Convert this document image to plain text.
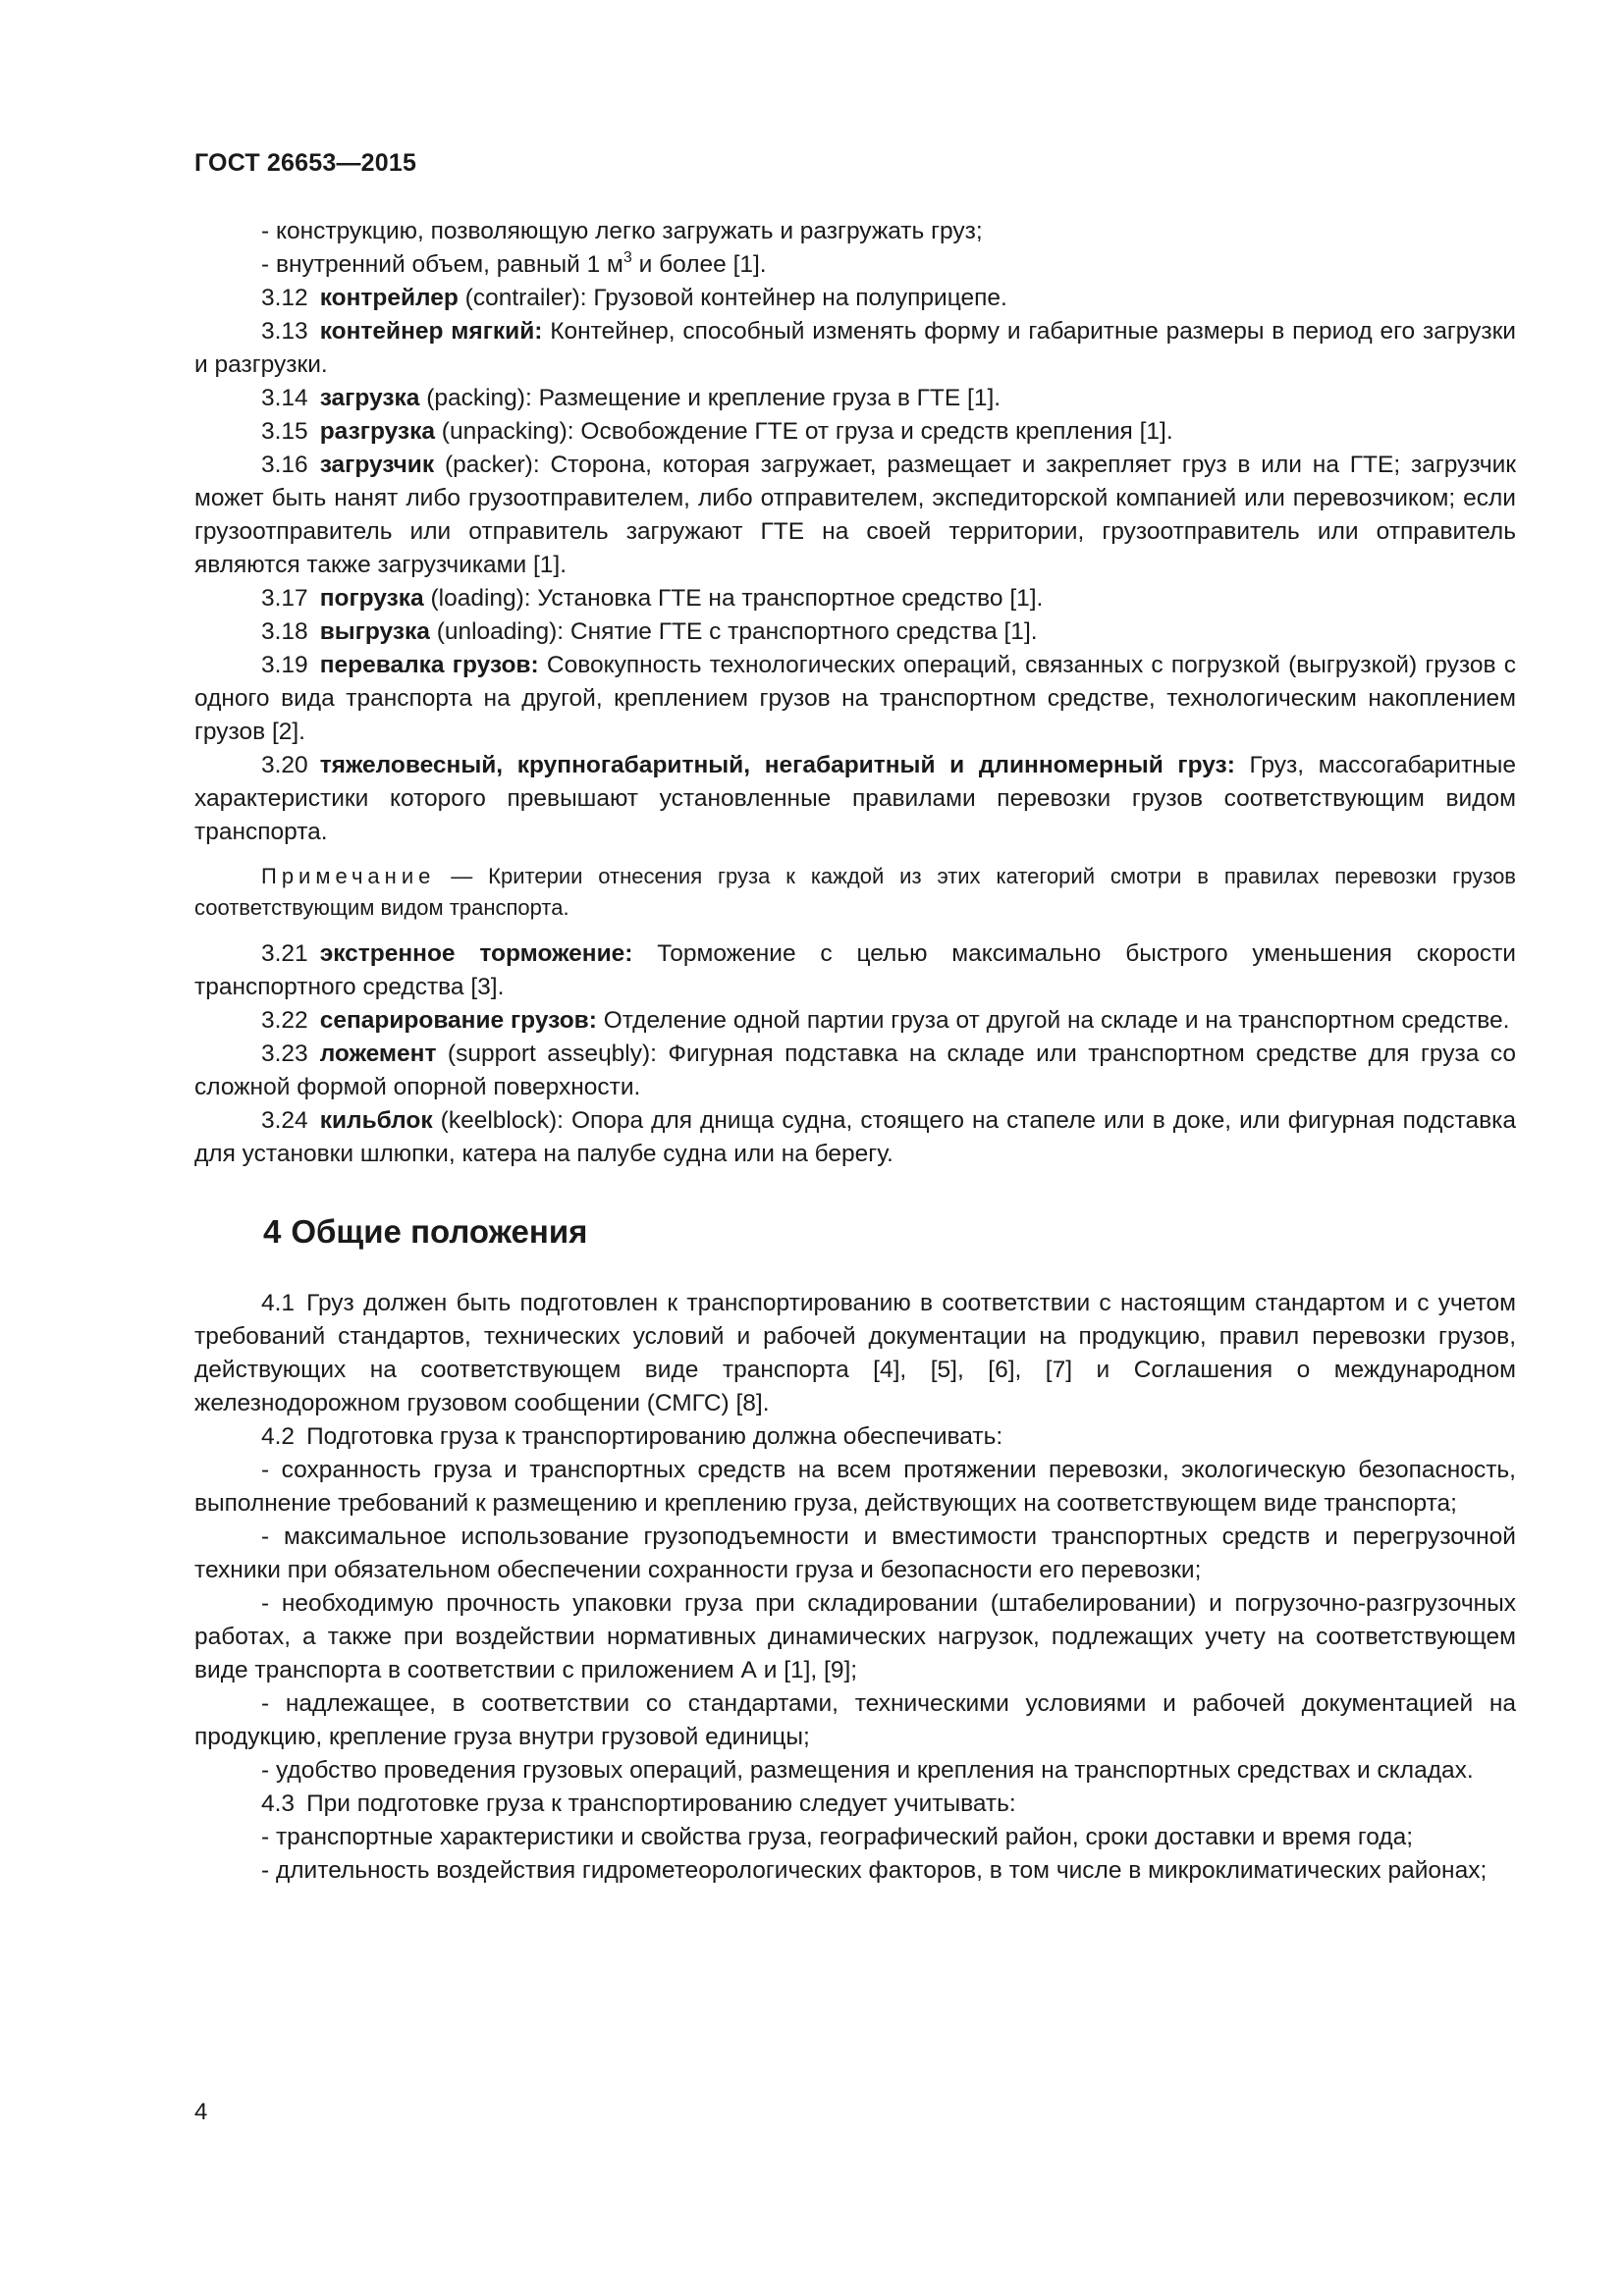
ГОСТ 26653—2015

- конструкцию, позволяющую легко загружать и разгружать груз;

- внутренний объем, равный 1 $м^3$ и более [1].

3.12 контрейлер (contrailer): Грузовой контейнер на полуприцепе.

3.13 контейнер мягкий: Контейнер, способный изменять форму и габаритные размеры в период его загрузки и разгрузки.

3.14 загрузка (packing): Размещение и крепление груза в ГТЕ [1].

3.15 разгрузка (unpacking): Освобождение ГТЕ от груза и средств крепления [1].

3.16 загрузчик (packer): Сторона, которая загружает, размещает и закрепляет груз в или на ГТЕ; загрузчик может быть нанят либо грузоотправителем, либо отправителем, экспедиторской компанией или перевозчиком; если грузоотправитель или отправитель загружают ГТЕ на своей территории, грузоотправитель или отправитель являются также загрузчиками [1].

3.17 погрузка (loading): Установка ГТЕ на транспортное средство [1].

3.18 выгрузка (unloading): Снятие ГТЕ с транспортного средства [1].

3.19 перевалка грузов: Совокупность технологических операций, связанных с погрузкой (выгрузкой) грузов с одного вида транспорта на другой, креплением грузов на транспортном средстве, технологическим накоплением грузов [2].

3.20 тяжеловесный, крупногабаритный, негабаритный и длинномерный груз: Груз, массогабаритные характеристики которого превышают установленные правилами перевозки грузов соответствующим видом транспорта.

Примечание — Критерии отнесения груза к каждой из этих категорий смотри в правилах перевозки грузов соответствующим видом транспорта.

3.21 экстренное торможение: Торможение с целью максимально быстрого уменьшения скорости транспортного средства [3].

3.22 сепарирование грузов: Отделение одной партии груза от другой на складе и на транспортном средстве.

3.23 ложемент (support asseɥbly): Фигурная подставка на складе или транспортном средстве для груза со сложной формой опорной поверхности.

3.24 кильблок (keelblock): Опора для днища судна, стоящего на стапеле или в доке, или фигурная подставка для установки шлюпки, катера на палубе судна или на берегу.

4 Общие положения

4.1 Груз должен быть подготовлен к транспортированию в соответствии с настоящим стандартом и с учетом требований стандартов, технических условий и рабочей документации на продукцию, правил перевозки грузов, действующих на соответствующем виде транспорта [4], [5], [6], [7] и Соглашения о международном железнодорожном грузовом сообщении (СМГС) [8].

4.2 Подготовка груза к транспортированию должна обеспечивать:

- сохранность груза и транспортных средств на всем протяжении перевозки, экологическую безопасность, выполнение требований к размещению и креплению груза, действующих на соответствующем виде транспорта;

- максимальное использование грузоподъемности и вместимости транспортных средств и перегрузочной техники при обязательном обеспечении сохранности груза и безопасности его перевозки;

- необходимую прочность упаковки груза при складировании (штабелировании) и погрузочно-разгрузочных работах, а также при воздействии нормативных динамических нагрузок, подлежащих учету на соответствующем виде транспорта в соответствии с приложением А и [1], [9];

- надлежащее, в соответствии со стандартами, техническими условиями и рабочей документацией на продукцию, крепление груза внутри грузовой единицы;

- удобство проведения грузовых операций, размещения и крепления на транспортных средствах и складах.

4.3 При подготовке груза к транспортированию следует учитывать:

- транспортные характеристики и свойства груза, географический район, сроки доставки и время года;

- длительность воздействия гидрометеорологических факторов, в том числе в микроклиматических районах;

4
